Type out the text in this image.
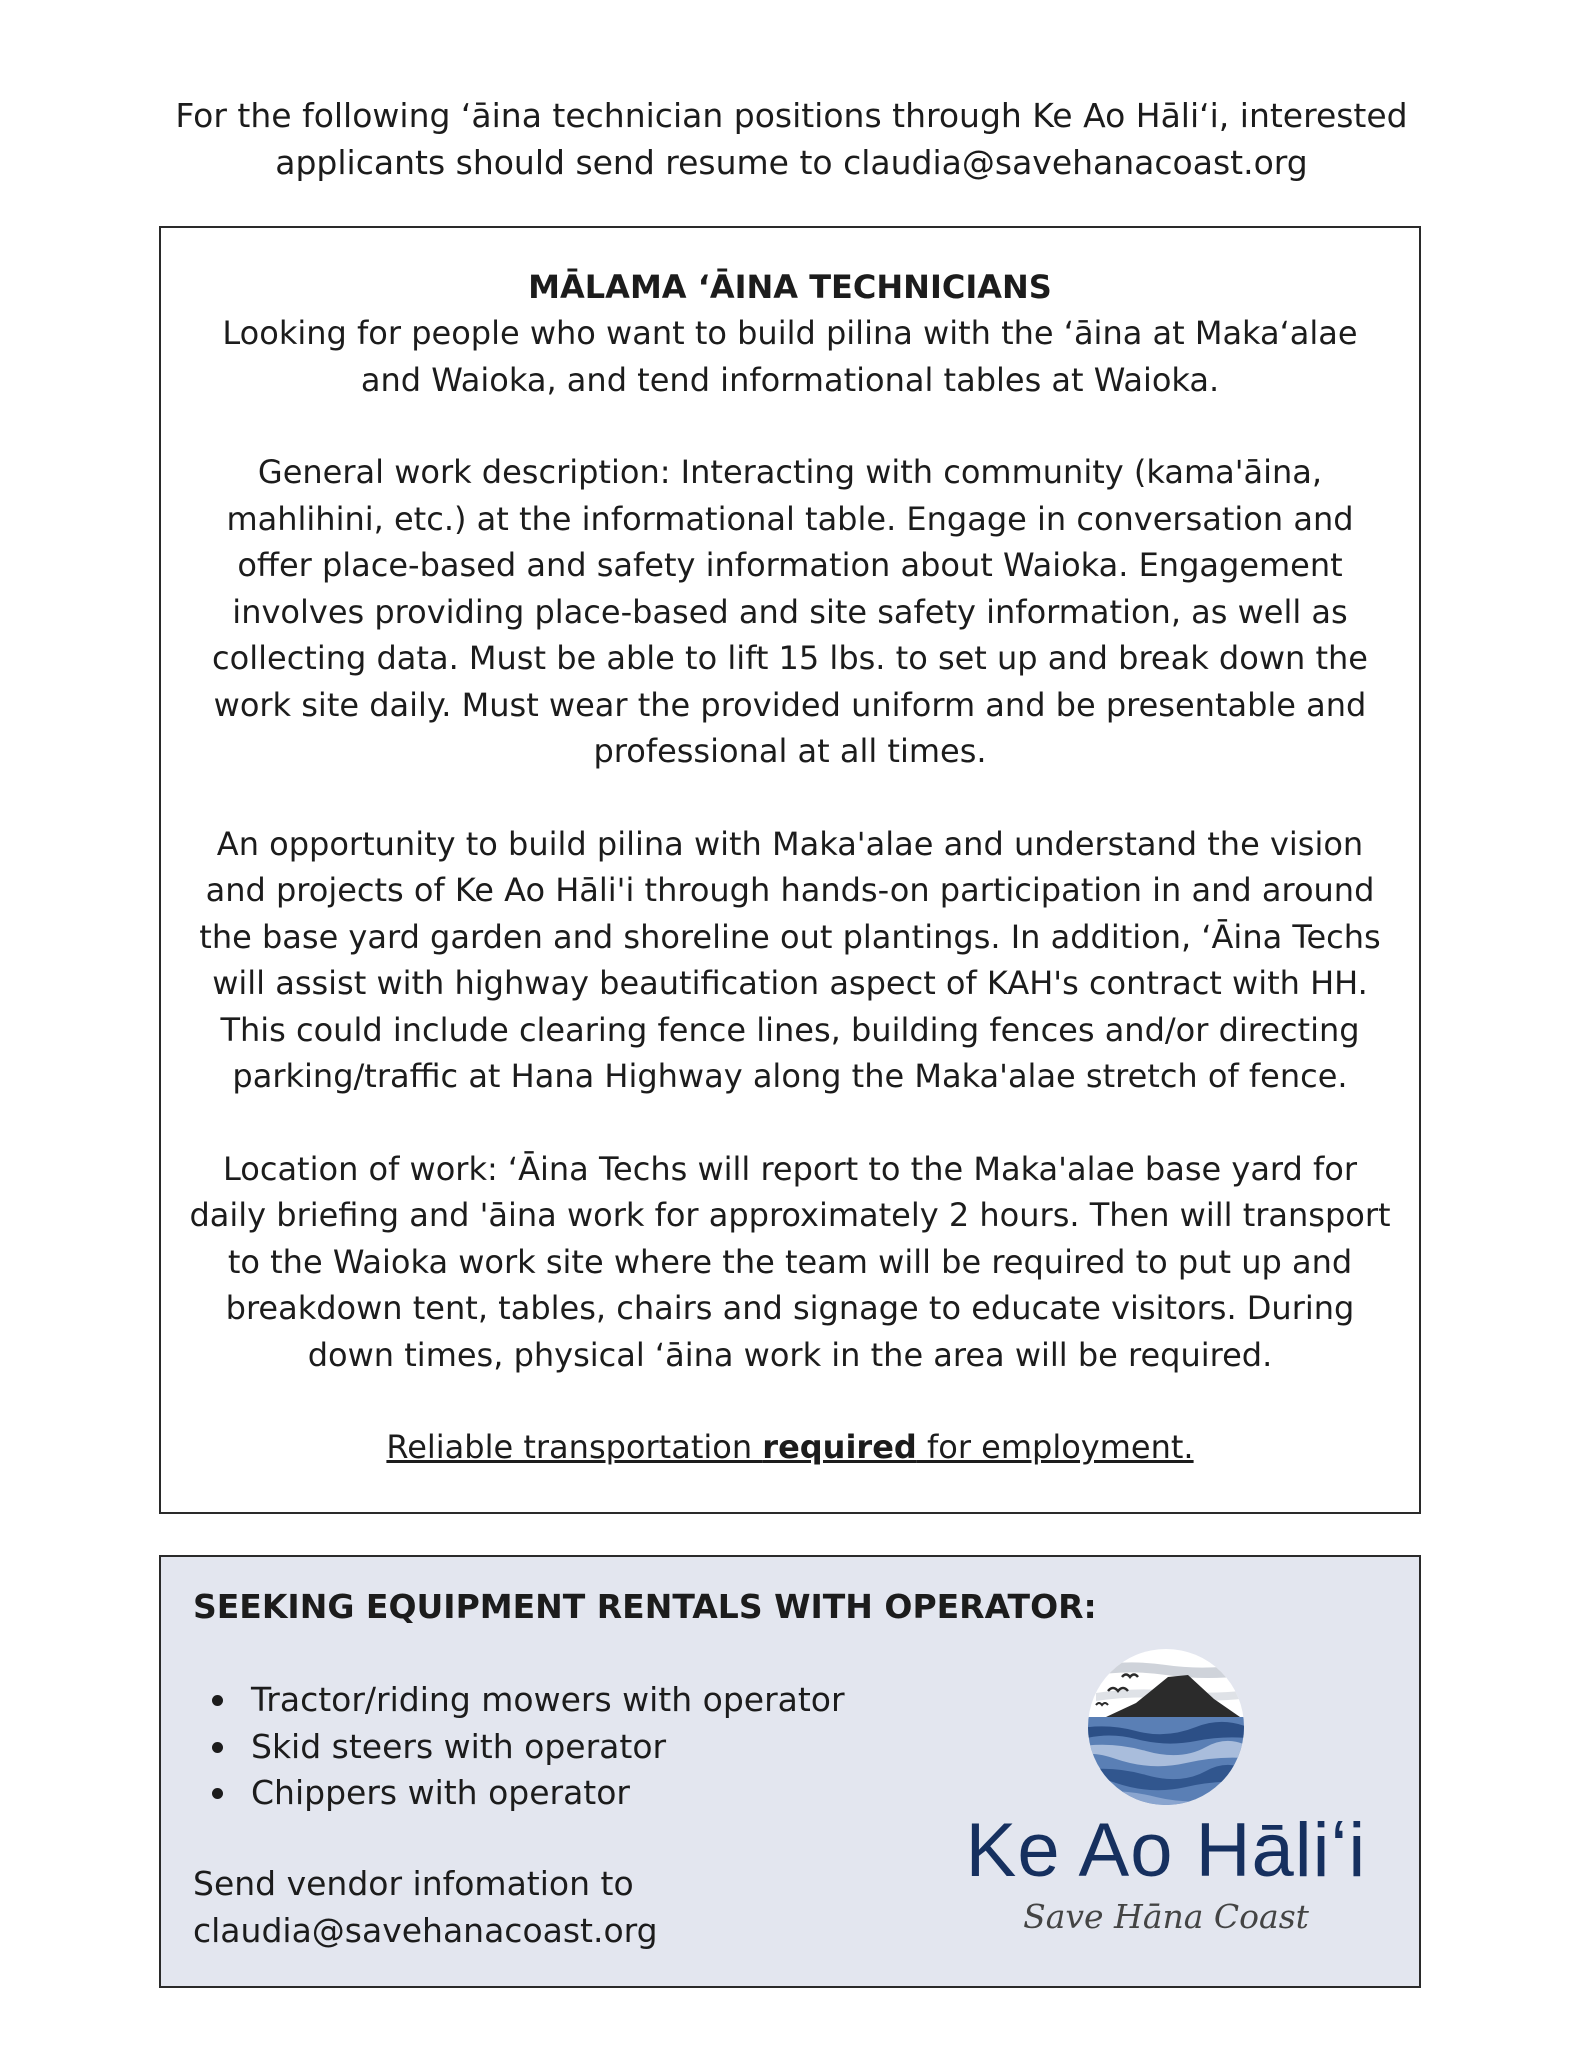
For the following ‘āina technician positions through Ke Ao Hāliʻi, interested
applicants should send resume to claudia@savehanacoast.org
MĀLAMA ‘ĀINA TECHNICIANS

Looking for people who want to build pilina with the ‘āina at Maka‘alae and Waioka, and tend informational tables at Waioka.

General work description: Interacting with community (kama'āina, mahlihini, etc.) at the informational table. Engage in conversation and offer place-based and safety information about Waioka. Engagement involves providing place-based and site safety information, as well as collecting data. Must be able to lift 15 lbs. to set up and break down the work site daily. Must wear the provided uniform and be presentable and professional at all times.

An opportunity to build pilina with Maka'alae and understand the vision and projects of Ke Ao Hāli'i through hands-on participation in and around the base yard garden and shoreline out plantings. In addition, ‘Āina Techs will assist with highway beautification aspect of KAH's contract with HH. This could include clearing fence lines, building fences and/or directing parking/traffic at Hana Highway along the Maka'alae stretch of fence.

Location of work: ‘Āina Techs will report to the Maka'alae base yard for daily briefing and 'āina work for approximately 2 hours. Then will transport to the Waioka work site where the team will be required to put up and breakdown tent, tables, chairs and signage to educate visitors. During down times, physical ‘āina work in the area will be required.

Reliable transportation required for employment.
SEEKING EQUIPMENT RENTALS WITH OPERATOR:
Tractor/riding mowers with operator
Skid steers with operator
Chippers with operator
Send vendor infomation to
claudia@savehanacoast.org
Ke Ao Hāliʻi
Save Hāna Coast
